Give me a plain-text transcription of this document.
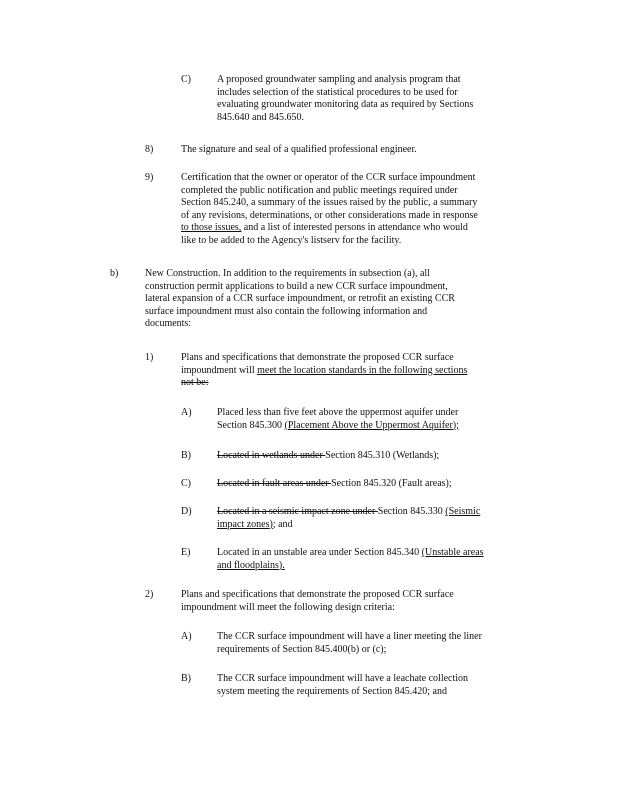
C)	A proposed groundwater sampling and analysis program that
includes selection of the statistical procedures to be used for
evaluating groundwater monitoring data as required by Sections
845.640 and 845.650.
8)	The signature and seal of a qualified professional engineer.
9)	Certification that the owner or operator of the CCR surface impoundment
completed the public notification and public meetings required under
Section 845.240, a summary of the issues raised by the public, a summary
of any revisions, determinations, or other considerations made in response
to those issues, and a list of interested persons in attendance who would
like to be added to the Agency's listserv for the facility.
b)	New Construction. In addition to the requirements in subsection (a), all
construction permit applications to build a new CCR surface impoundment,
lateral expansion of a CCR surface impoundment, or retrofit an existing CCR
surface impoundment must also contain the following information and
documents:
1)	Plans and specifications that demonstrate the proposed CCR surface
impoundment will meet the location standards in the following sections
not be:
A)	Placed less than five feet above the uppermost aquifer under
Section 845.300 (Placement Above the Uppermost Aquifer);
B)	Located in wetlands under Section 845.310 (Wetlands);
C)	Located in fault areas under Section 845.320 (Fault areas);
D)	Located in a seismic impact zone under Section 845.330 (Seismic
impact zones); and
E)	Located in an unstable area under Section 845.340 (Unstable areas
and floodplains).
2)	Plans and specifications that demonstrate the proposed CCR surface
impoundment will meet the following design criteria:
A)	The CCR surface impoundment will have a liner meeting the liner
requirements of Section 845.400(b) or (c);
B)	The CCR surface impoundment will have a leachate collection
system meeting the requirements of Section 845.420; and
